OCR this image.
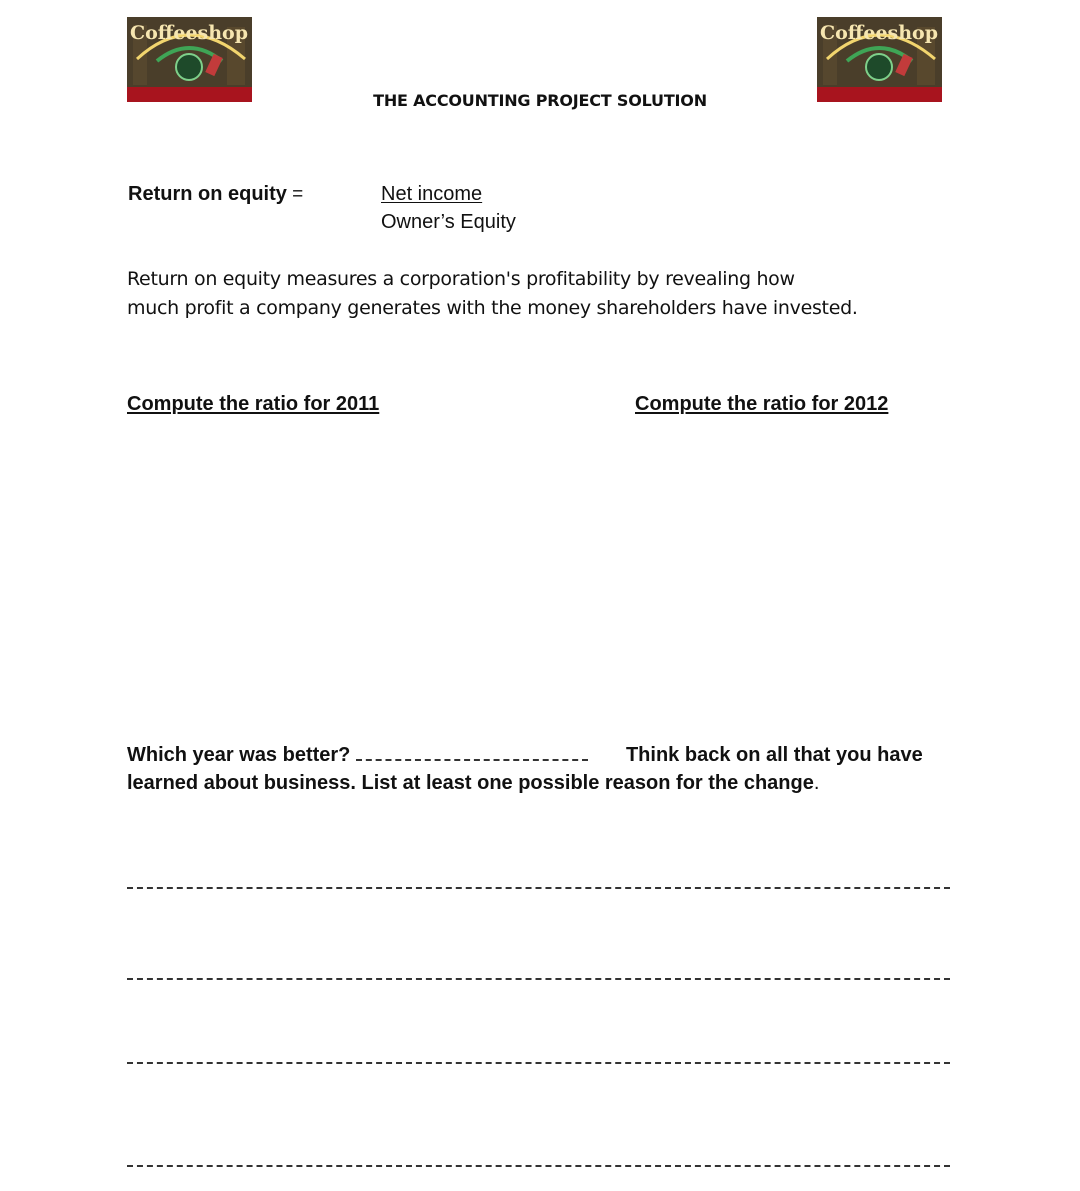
Coffeeshop	Coffeeshop
THE ACCOUNTING PROJECT SOLUTION
Return on equity =	Net income
Owner’s Equity
Return on equity measures a corporation's profitability by revealing how
much profit a company generates with the money shareholders have invested.
Compute the ratio for 2011	Compute the ratio for 2012
Which year was better?	Think back on all that you have learned about business. List at least one possible reason for the change.
